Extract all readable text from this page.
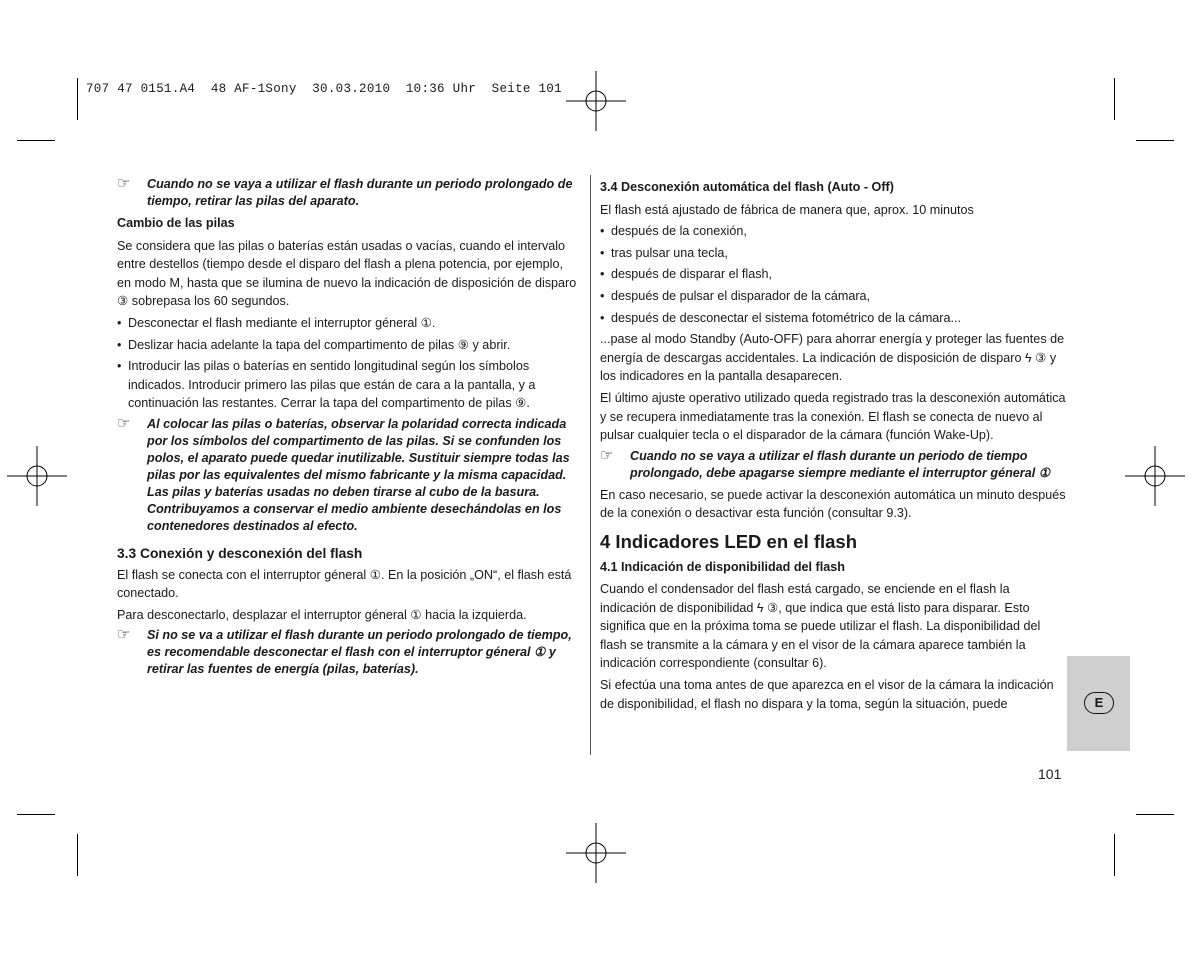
707 47 0151.A4  48 AF-1Sony  30.03.2010  10:36 Uhr  Seite 101
☞ Cuando no se vaya a utilizar el flash durante un periodo prolongado de tiempo, retirar las pilas del aparato.
Cambio de las pilas

Se considera que las pilas o baterías están usadas o vacías, cuando el intervalo entre destellos (tiempo desde el disparo del flash a plena potencia, por ejemplo, en modo M, hasta que se ilumina de nuevo la indicación de disposición de disparo ③ sobrepasa los 60 segundos.

• Desconectar el flash mediante el interruptor géneral ①.
• Deslizar hacia adelante la tapa del compartimento de pilas ⑨ y abrir.
• Introducir las pilas o baterías en sentido longitudinal según los símbolos indicados. Introducir primero las pilas que están de cara a la pantalla, y a continuación las restantes. Cerrar la tapa del compartimento de pilas ⑨.
☞ Al colocar las pilas o baterías, observar la polaridad correcta indicada por los símbolos del compartimento de las pilas. Si se confunden los polos, el aparato puede quedar inutilizable. Sustituir siempre todas las pilas por las equivalentes del mismo fabricante y la misma capacidad. Las pilas y baterías usadas no deben tirarse al cubo de la basura. Contribuyamos a conservar el medio ambiente desechándolas en los contenedores destinados al efecto.
3.3 Conexión y desconexión del flash

El flash se conecta con el interruptor géneral ①. En la posición „ON“, el flash está conectado.

Para desconectarlo, desplazar el interruptor géneral ① hacia la izquierda.

☞ Si no se va a utilizar el flash durante un periodo prolongado de tiempo, es recomendable desconectar el flash con el interruptor géneral ① y retirar las fuentes de energía (pilas, baterías).
3.4 Desconexión automática del flash (Auto - Off)

El flash está ajustado de fábrica de manera que, aprox. 10 minutos

• después de la conexión,
• tras pulsar una tecla,
• después de disparar el flash,
• después de pulsar el disparador de la cámara,
• después de desconectar el sistema fotométrico de la cámara...

...pase al modo Standby (Auto-OFF) para ahorrar energía y proteger las fuentes de energía de descargas accidentales. La indicación de disposición de disparo ϟ ③ y los indicadores en la pantalla desaparecen.

El último ajuste operativo utilizado queda registrado tras la desconexión automática y se recupera inmediatamente tras la conexión. El flash se conecta de nuevo al pulsar cualquier tecla o el disparador de la cámara (función Wake-Up).

☞ Cuando no se vaya a utilizar el flash durante un periodo de tiempo prolongado, debe apagarse siempre mediante el interruptor géneral ①

En caso necesario, se puede activar la desconexión automática un minuto después de la conexión o desactivar esta función (consultar 9.3).

4 Indicadores LED en el flash
4.1 Indicación de disponibilidad del flash

Cuando el condensador del flash está cargado, se enciende en el flash la indicación de disponibilidad ϟ ③, que indica que está listo para disparar. Esto significa que en la próxima toma se puede utilizar el flash. La disponibilidad del flash se transmite a la cámara y en el visor de la cámara aparece también la indicación correspondiente (consultar 6).

Si efectúa una toma antes de que aparezca en el visor de la cámara la indicación de disponibilidad, el flash no dispara y la toma, según la situación, puede	E
101
